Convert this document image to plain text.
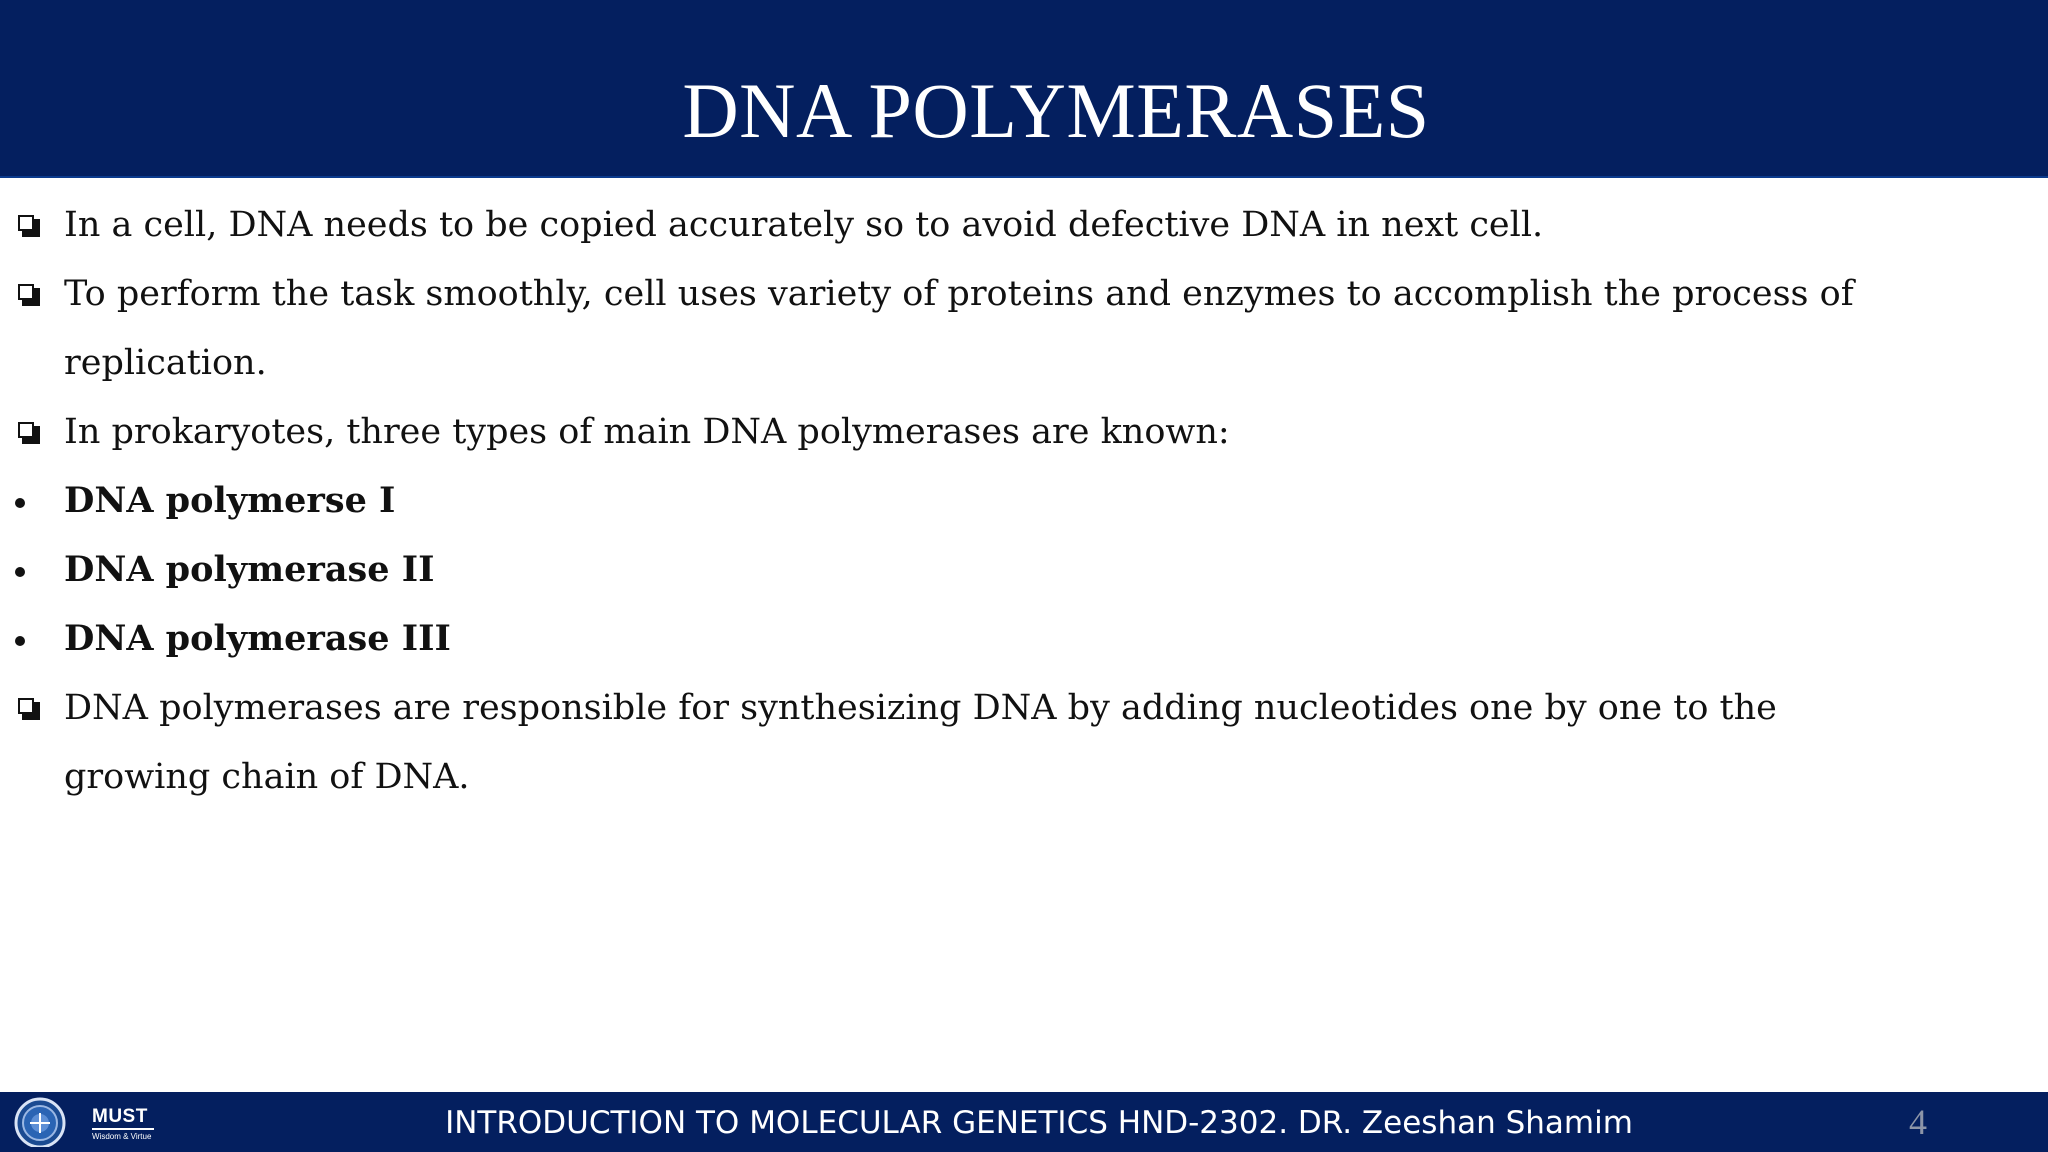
DNA POLYMERASES
In a cell, DNA needs to be copied accurately so to avoid defective DNA in next cell.
To perform the task smoothly, cell uses variety of proteins and enzymes to accomplish the process of
replication.
In prokaryotes, three types of main DNA polymerases are known:
DNA polymerse I
DNA polymerase II
DNA polymerase III
DNA polymerases are responsible for synthesizing DNA by adding nucleotides one by one to the
growing chain of DNA.
MUST
Wisdom & Virtue	INTRODUCTION TO MOLECULAR GENETICS HND-2302. DR. Zeeshan Shamim	4
